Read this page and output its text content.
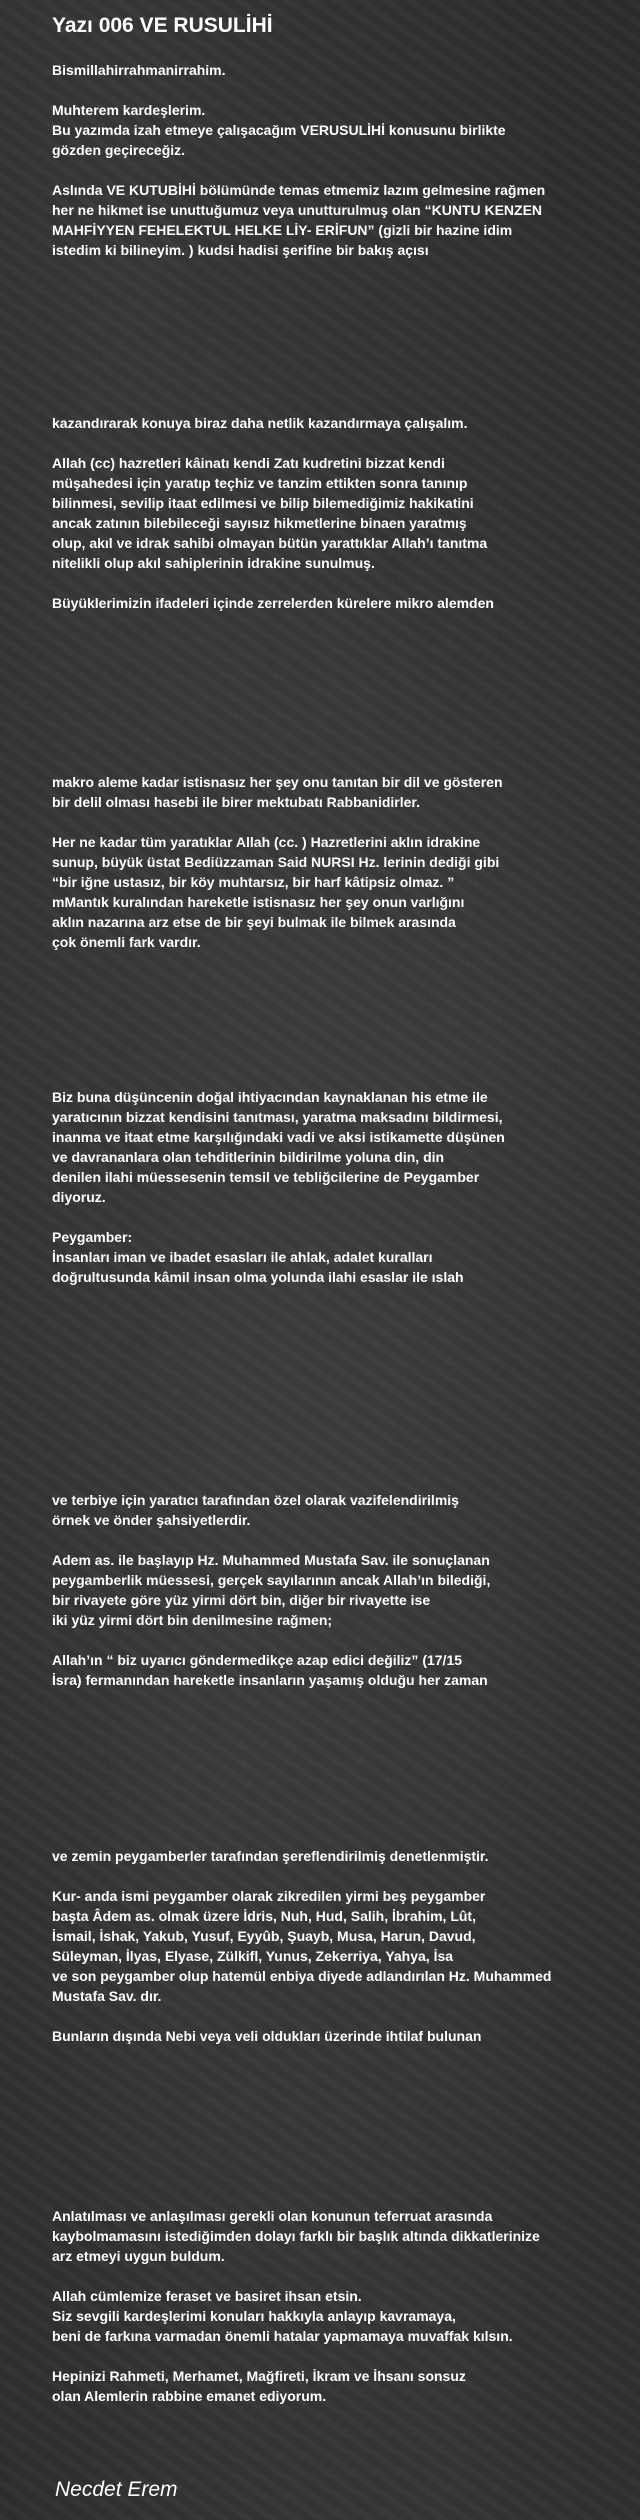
Yazı 006 VE RUSULİHİ

Bismillahirrahmanirrahim.

Muhterem kardeşlerim.
Bu yazımda izah etmeye çalışacağım VERUSULİHİ konusunu birlikte
gözden geçireceğiz.

Aslında VE KUTUBİHİ bölümünde temas etmemiz lazım gelmesine rağmen
her ne hikmet ise unuttuğumuz veya unutturulmuş olan “KUNTU KENZEN
MAHFİYYEN FEHELEKTUL HELKE LİY- ERİFUN” (gizli bir hazine idim
istedim ki bilineyim. ) kudsi hadisi şerifine bir bakış açısı

kazandırarak konuya biraz daha netlik kazandırmaya çalışalım.

Allah (cc) hazretleri kâinatı kendi Zatı kudretini bizzat kendi
müşahedesi için yaratıp teçhiz ve tanzim ettikten sonra tanınıp
bilinmesi, sevilip itaat edilmesi ve bilip bilemediğimiz hakikatini
ancak zatının bilebileceği sayısız hikmetlerine binaen yaratmış
olup, akıl ve idrak sahibi olmayan bütün yarattıklar Allah’ı tanıtma
nitelikli olup akıl sahiplerinin idrakine sunulmuş.

Büyüklerimizin ifadeleri içinde zerrelerden kürelere mikro alemden

makro aleme kadar istisnasız her şey onu tanıtan bir dil ve gösteren
bir delil olması hasebi ile birer mektubatı Rabbanidirler.

Her ne kadar tüm yaratıklar Allah (cc. ) Hazretlerini aklın idrakine
sunup, büyük üstat Bediüzzaman Said NURSI Hz. lerinin dediği gibi
“bir iğne ustasız, bir köy muhtarsız, bir harf kâtipsiz olmaz. ”
mMantık kuralından hareketle istisnasız her şey onun varlığını
aklın nazarına arz etse de bir şeyi bulmak ile bilmek arasında
çok önemli fark vardır.

Biz buna düşüncenin doğal ihtiyacından kaynaklanan his etme ile
yaratıcının bizzat kendisini tanıtması, yaratma maksadını bildirmesi,
inanma ve itaat etme karşılığındaki vadi ve aksi istikamette düşünen
ve davrananlara olan tehditlerinin bildirilme yoluna din, din
denilen ilahi müessesenin temsil ve tebliğcilerine de Peygamber
diyoruz.

Peygamber:
İnsanları iman ve ibadet esasları ile ahlak, adalet kuralları
doğrultusunda kâmil insan olma yolunda ilahi esaslar ile ıslah

ve terbiye için yaratıcı tarafından özel olarak vazifelendirilmiş
örnek ve önder şahsiyetlerdir.

Adem as. ile başlayıp Hz. Muhammed Mustafa Sav. ile sonuçlanan
peygamberlik müessesi, gerçek sayılarının ancak Allah’ın bilediği,
bir rivayete göre yüz yirmi dört bin, diğer bir rivayette ise
iki yüz yirmi dört bin denilmesine rağmen;

Allah’ın “ biz uyarıcı göndermedikçe azap edici değiliz” (17/15
İsra) fermanından hareketle insanların yaşamış olduğu her zaman

ve zemin peygamberler tarafından şereflendirilmiş denetlenmiştir.

Kur- anda ismi peygamber olarak zikredilen yirmi beş peygamber
başta Âdem as. olmak üzere İdris, Nuh, Hud, Salih, İbrahim, Lût,
İsmail, İshak, Yakub, Yusuf, Eyyûb, Şuayb, Musa, Harun, Davud,
Süleyman, İlyas, Elyase, Zülkifl, Yunus, Zekerriya, Yahya, İsa
ve son peygamber olup hatemül enbiya diyede adlandırılan Hz. Muhammed
Mustafa Sav. dır.

Bunların dışında Nebi veya veli oldukları üzerinde ihtilaf bulunan

Anlatılması ve anlaşılması gerekli olan konunun teferruat arasında
kaybolmamasını istediğimden dolayı farklı bir başlık altında dikkatlerinize
arz etmeyi uygun buldum.

Allah cümlemize feraset ve basiret ihsan etsin.
Siz sevgili kardeşlerimi konuları hakkıyla anlayıp kavramaya,
beni de farkına varmadan önemli hatalar yapmamaya muvaffak kılsın.

Hepinizi Rahmeti, Merhamet, Mağfireti, İkram ve İhsanı sonsuz
olan Alemlerin rabbine emanet ediyorum.

Necdet Erem
